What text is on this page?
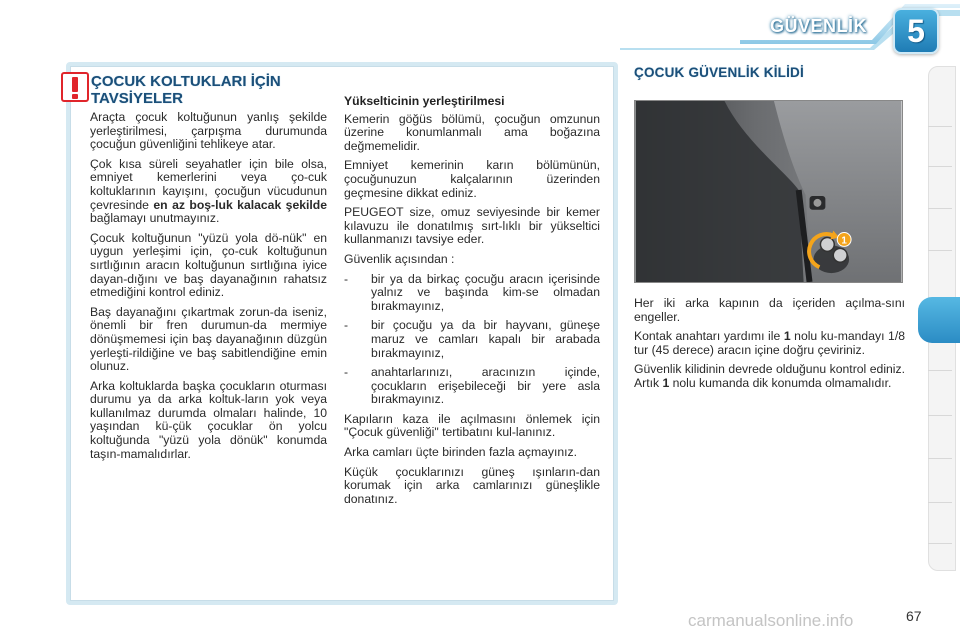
GÜVENLİK 5
ÇOCUK KOLTUKLARI İÇİN TAVSİYELER

Araçta çocuk koltuğunun yanlış şekilde yerleştirilmesi, çarpışma durumunda çocuğun güvenliğini tehlikeye atar.

Çok kısa süreli seyahatler için bile olsa, emniyet kemerlerini veya ço-cuk koltuklarının kayışını, çocuğun vücudunun çevresinde en az boş-luk kalacak şekilde bağlamayı unutmayınız.

Çocuk koltuğunun "yüzü yola dö-nük" en uygun yerleşimi için, ço-cuk koltuğunun sırtlığının aracın koltuğunun sırtlığına iyice dayan-dığını ve baş dayanağının rahatsız etmediğini kontrol ediniz.

Baş dayanağını çıkartmak zorun-da iseniz, önemli bir fren durumun-da mermiye dönüşmemesi için baş dayanağının düzgün yerleşti-rildiğine ve baş sabitlendiğine emin olunuz.

Arka koltuklarda başka çocukların oturması durumu ya da arka koltuk-ların yok veya kullanılmaz durumda olmaları halinde, 10 yaşından kü-çük çocuklar ön yolcu koltuğunda "yüzü yola dönük" konumda taşın-mamalıdırlar.

Yükselticinin yerleştirilmesi

Kemerin göğüs bölümü, çocuğun omzunun üzerine konumlanmalı ama boğazına değmemelidir.

Emniyet kemerinin karın bölümünün, çocuğunuzun kalçalarının üzerinden geçmesine dikkat ediniz.

PEUGEOT size, omuz seviyesinde bir kemer kılavuzu ile donatılmış sırt-lıklı bir yükseltici kullanmanızı tavsiye eder.

Güvenlik açısından :

-	bir ya da birkaç çocuğu aracın içerisinde yalnız ve başında kim-se olmadan bırakmayınız,
-	bir çocuğu ya da bir hayvanı, güneşe maruz ve camları kapalı bir arabada bırakmayınız,
-	anahtarlarınızı, aracınızın içinde, çocukların erişebileceği bir yere asla bırakmayınız.

Kapıların kaza ile açılmasını önlemek için "Çocuk güvenliği" tertibatını kul-lanınız.

Arka camları üçte birinden fazla açmayınız.

Küçük çocuklarınızı güneş ışınların-dan korumak için arka camlarınızı güneşlikle donatınız.

ÇOCUK GÜVENLİK KİLİDİ
1

Her iki arka kapının da içeriden açılma-sını engeller.

Kontak anahtarı yardımı ile 1 nolu ku-mandayı 1/8 tur (45 derece) aracın içine doğru çeviriniz.

Güvenlik kilidinin devrede olduğunu kontrol ediniz. Artık 1 nolu kumanda dik konumda olmamalıdır.

67
carmanualsonline.info
